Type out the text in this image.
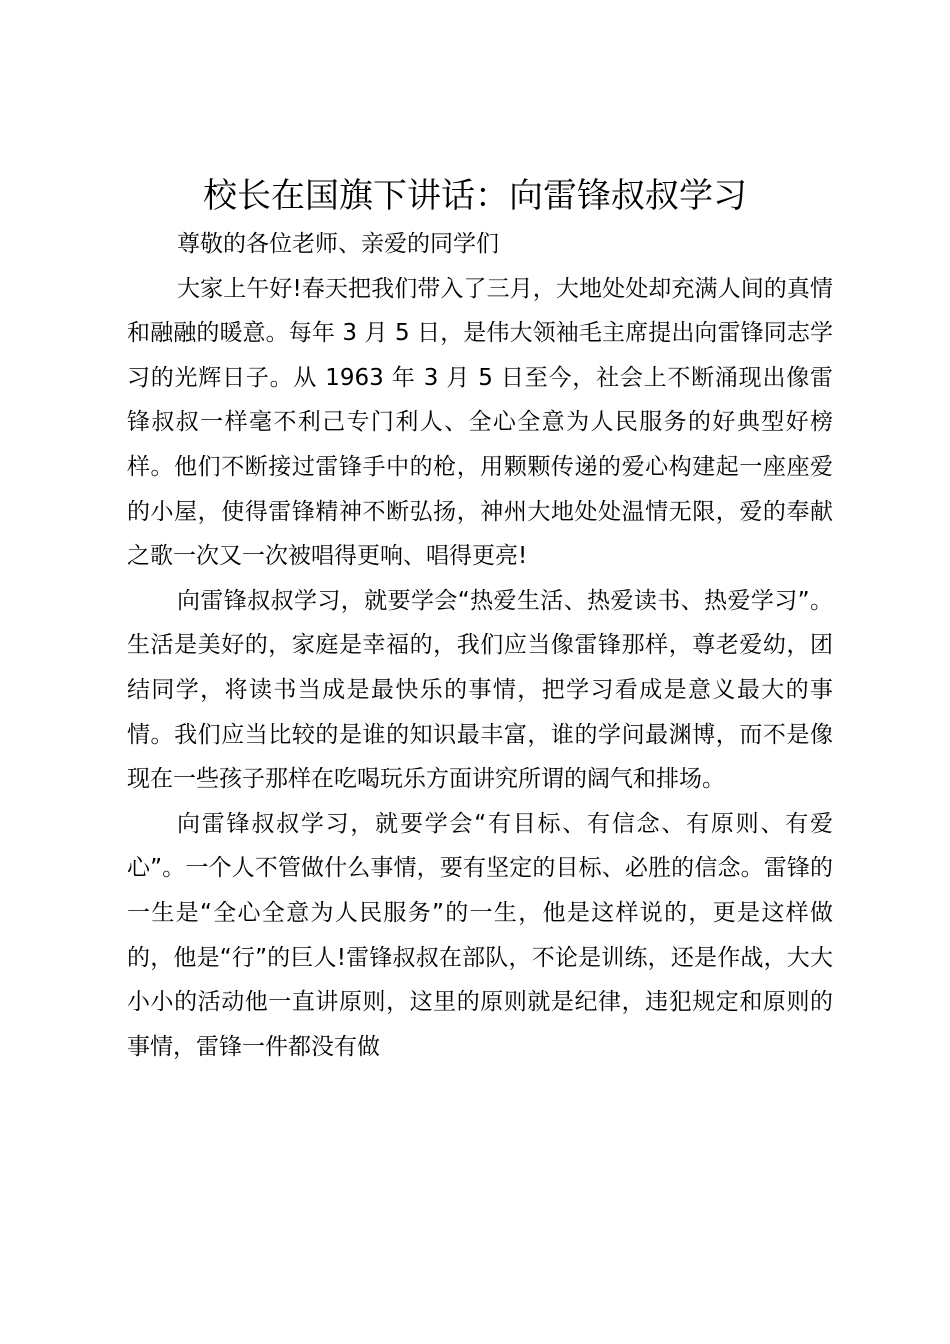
校长在国旗下讲话：向雷锋叔叔学习

尊敬的各位老师、亲爱的同学们

大家上午好!春天把我们带入了三月，大地处处却充满人间的真情和融融的暖意。每年 3 月 5 日，是伟大领袖毛主席提出向雷锋同志学习的光辉日子。从 1963 年 3 月 5 日至今，社会上不断涌现出像雷锋叔叔一样毫不利己专门利人、全心全意为人民服务的好典型好榜样。他们不断接过雷锋手中的枪，用颗颗传递的爱心构建起一座座爱的小屋，使得雷锋精神不断弘扬，神州大地处处温情无限，爱的奉献之歌一次又一次被唱得更响、唱得更亮!

向雷锋叔叔学习，就要学会“热爱生活、热爱读书、热爱学习”。生活是美好的，家庭是幸福的，我们应当像雷锋那样，尊老爱幼，团结同学，将读书当成是最快乐的事情，把学习看成是意义最大的事情。我们应当比较的是谁的知识最丰富，谁的学问最渊博，而不是像现在一些孩子那样在吃喝玩乐方面讲究所谓的阔气和排场。

向雷锋叔叔学习，就要学会“有目标、有信念、有原则、有爱心”。一个人不管做什么事情，要有坚定的目标、必胜的信念。雷锋的一生是“全心全意为人民服务”的一生，他是这样说的，更是这样做的，他是“行”的巨人!雷锋叔叔在部队，不论是训练，还是作战，大大小小的活动他一直讲原则，这里的原则就是纪律，违犯规定和原则的事情，雷锋一件都没有做
